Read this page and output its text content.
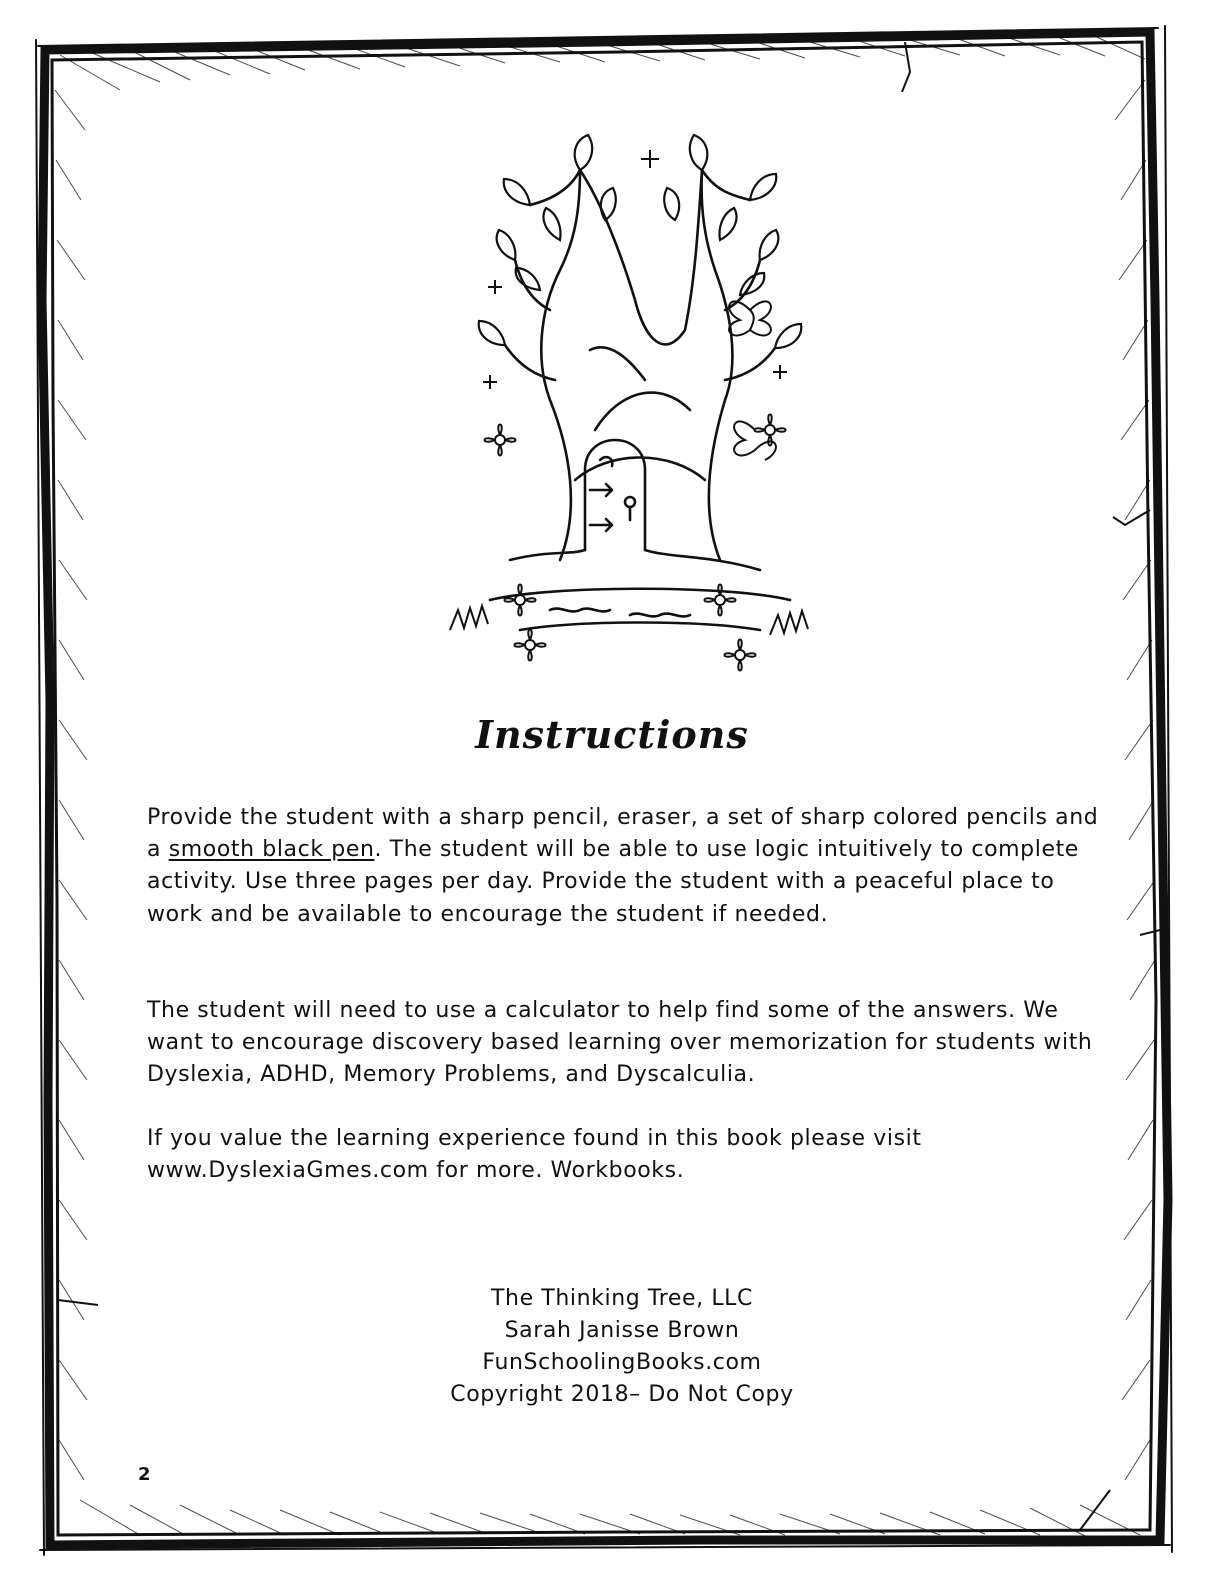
Instructions

Provide the student with a sharp pencil, eraser, a set of sharp colored pencils and a smooth black pen. The student will be able to use logic intuitively to complete activity. Use three pages per day. Provide the student with a peaceful place to work and be available to encourage the student if needed.

The student will need to use a calculator to help find some of the answers. We want to encourage discovery based learning over memorization for students with Dyslexia, ADHD, Memory Problems, and Dyscalculia.

If you value the learning experience found in this book please visit www.DyslexiaGmes.com for more. Workbooks.

The Thinking Tree, LLC
Sarah Janisse Brown
FunSchoolingBooks.com
Copyright 2018– Do Not Copy
2
